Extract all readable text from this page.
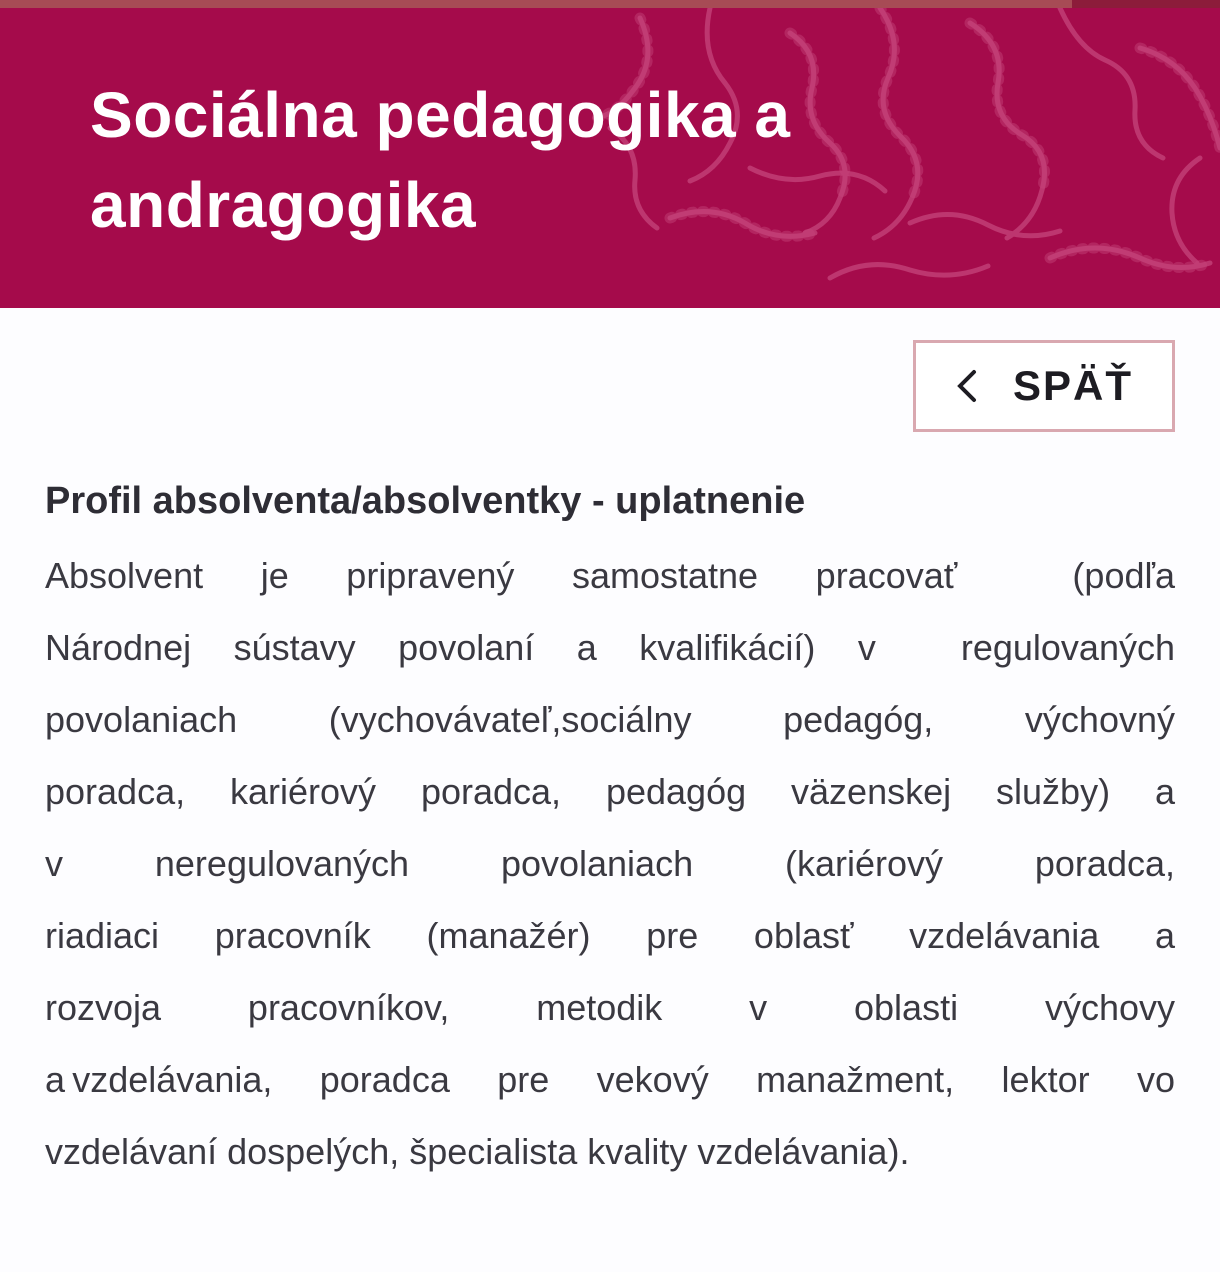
Sociálna pedagogika a andragogika
SPÄŤ
Profil absolventa/absolventky - uplatnenie
Absolvent je pripravený samostatne pracovať  (podľa
Národnej sústavy povolaní a kvalifikácií) v  regulovaných
povolaniach (vychovávateľ,sociálny pedagóg, výchovný
poradca, kariérový poradca, pedagóg väzenskej služby) a
v neregulovaných povolaniach (kariérový poradca,
riadiaci pracovník (manažér) pre oblasť vzdelávania a
rozvoja pracovníkov, metodik v oblasti výchovy
a vzdelávania, poradca pre vekový manažment, lektor vo
vzdelávaní dospelých, špecialista kvality vzdelávania).
